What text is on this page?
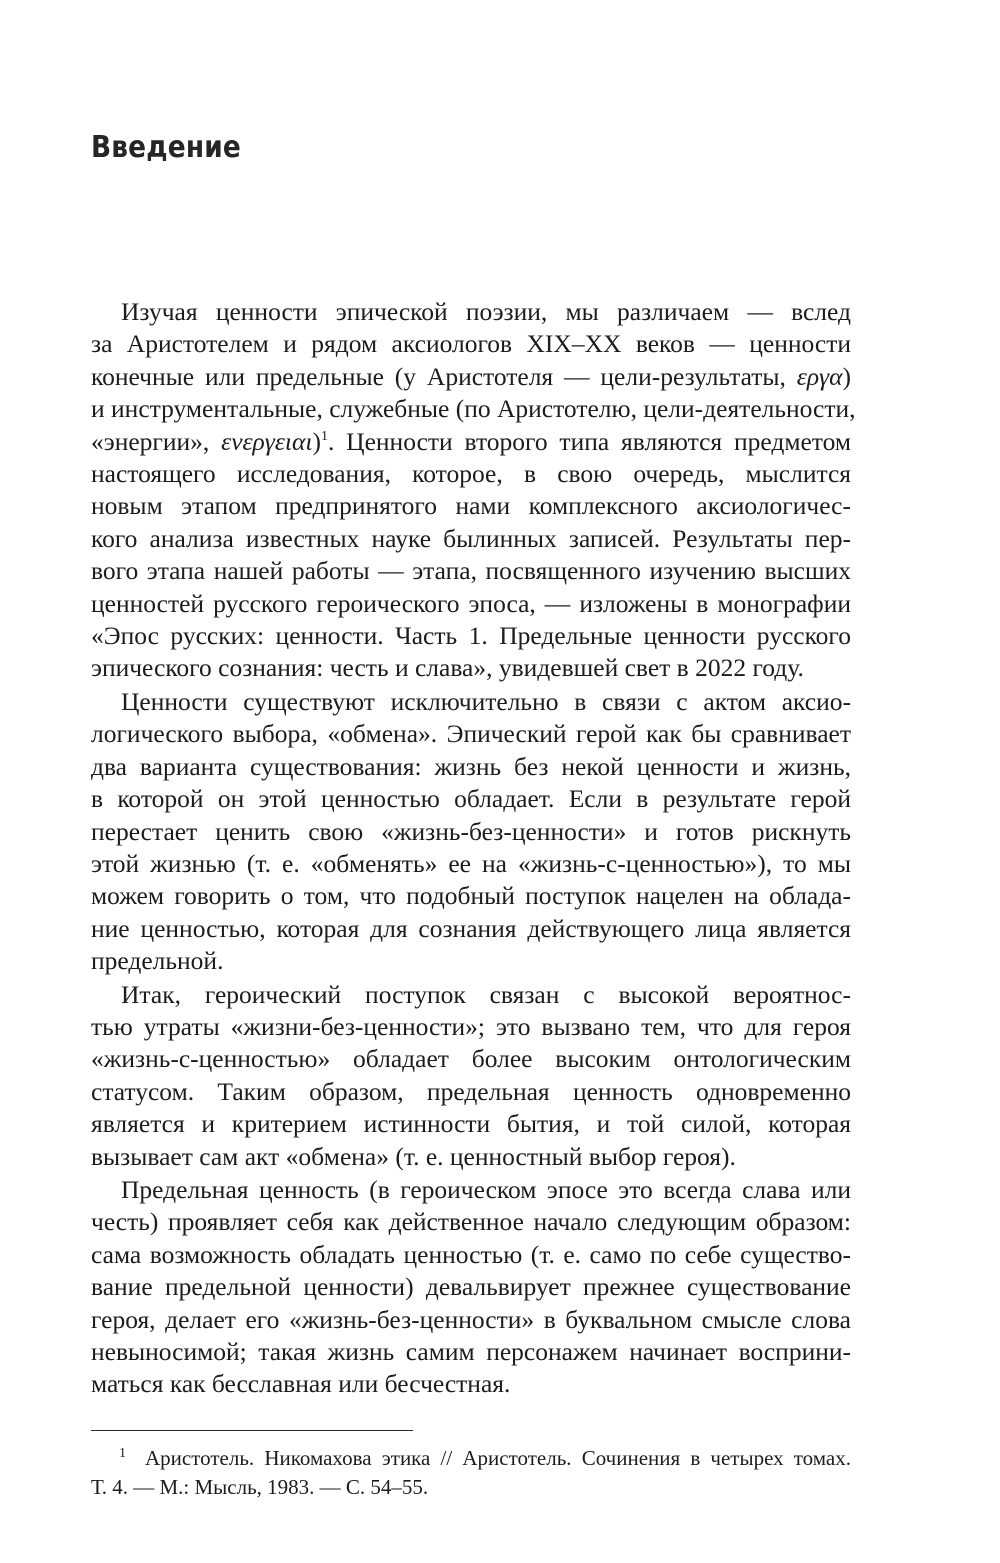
Введение

Изучая ценности эпической поэзии, мы различаем — вслед
за Аристотелем и рядом аксиологов XIX–XX веков — ценности
конечные или предельные (у Аристотеля — цели-результаты, εργα)
и инструментальные, служебные (по Аристотелю, цели-деятельности,
«энергии», ενεργειαι)$^1$. Ценности второго типа являются предметом
настоящего исследования, которое, в свою очередь, мыслится
новым этапом предпринятого нами комплексного аксиологичес-
кого анализа известных науке былинных записей. Результаты пер-
вого этапа нашей работы — этапа, посвященного изучению высших
ценностей русского героического эпоса, — изложены в монографии
«Эпос русских: ценности. Часть 1. Предельные ценности русского
эпического сознания: честь и слава», увидевшей свет в 2022 году.

Ценности существуют исключительно в связи с актом аксио-
логического выбора, «обмена». Эпический герой как бы сравнивает
два варианта существования: жизнь без некой ценности и жизнь,
в которой он этой ценностью обладает. Если в результате герой
перестает ценить свою «жизнь-без-ценности» и готов рискнуть
этой жизнью (т. е. «обменять» ее на «жизнь-с-ценностью»), то мы
можем говорить о том, что подобный поступок нацелен на облада-
ние ценностью, которая для сознания действующего лица является
предельной.

Итак, героический поступок связан с высокой вероятнос-
тью утраты «жизни-без-ценности»; это вызвано тем, что для героя
«жизнь-с-ценностью» обладает более высоким онтологическим
статусом. Таким образом, предельная ценность одновременно
является и критерием истинности бытия, и той силой, которая
вызывает сам акт «обмена» (т. е. ценностный выбор героя).

Предельная ценность (в героическом эпосе это всегда слава или
честь) проявляет себя как действенное начало следующим образом:
сама возможность обладать ценностью (т. е. само по себе существо-
вание предельной ценности) девальвирует прежнее существование
героя, делает его «жизнь-без-ценности» в буквальном смысле слова
невыносимой; такая жизнь самим персонажем начинает восприни-
маться как бесславная или бесчестная.

1 Аристотель. Никомахова этика // Аристотель. Сочинения в четырех томах.
Т. 4. — М.: Мысль, 1983. — С. 54–55.
